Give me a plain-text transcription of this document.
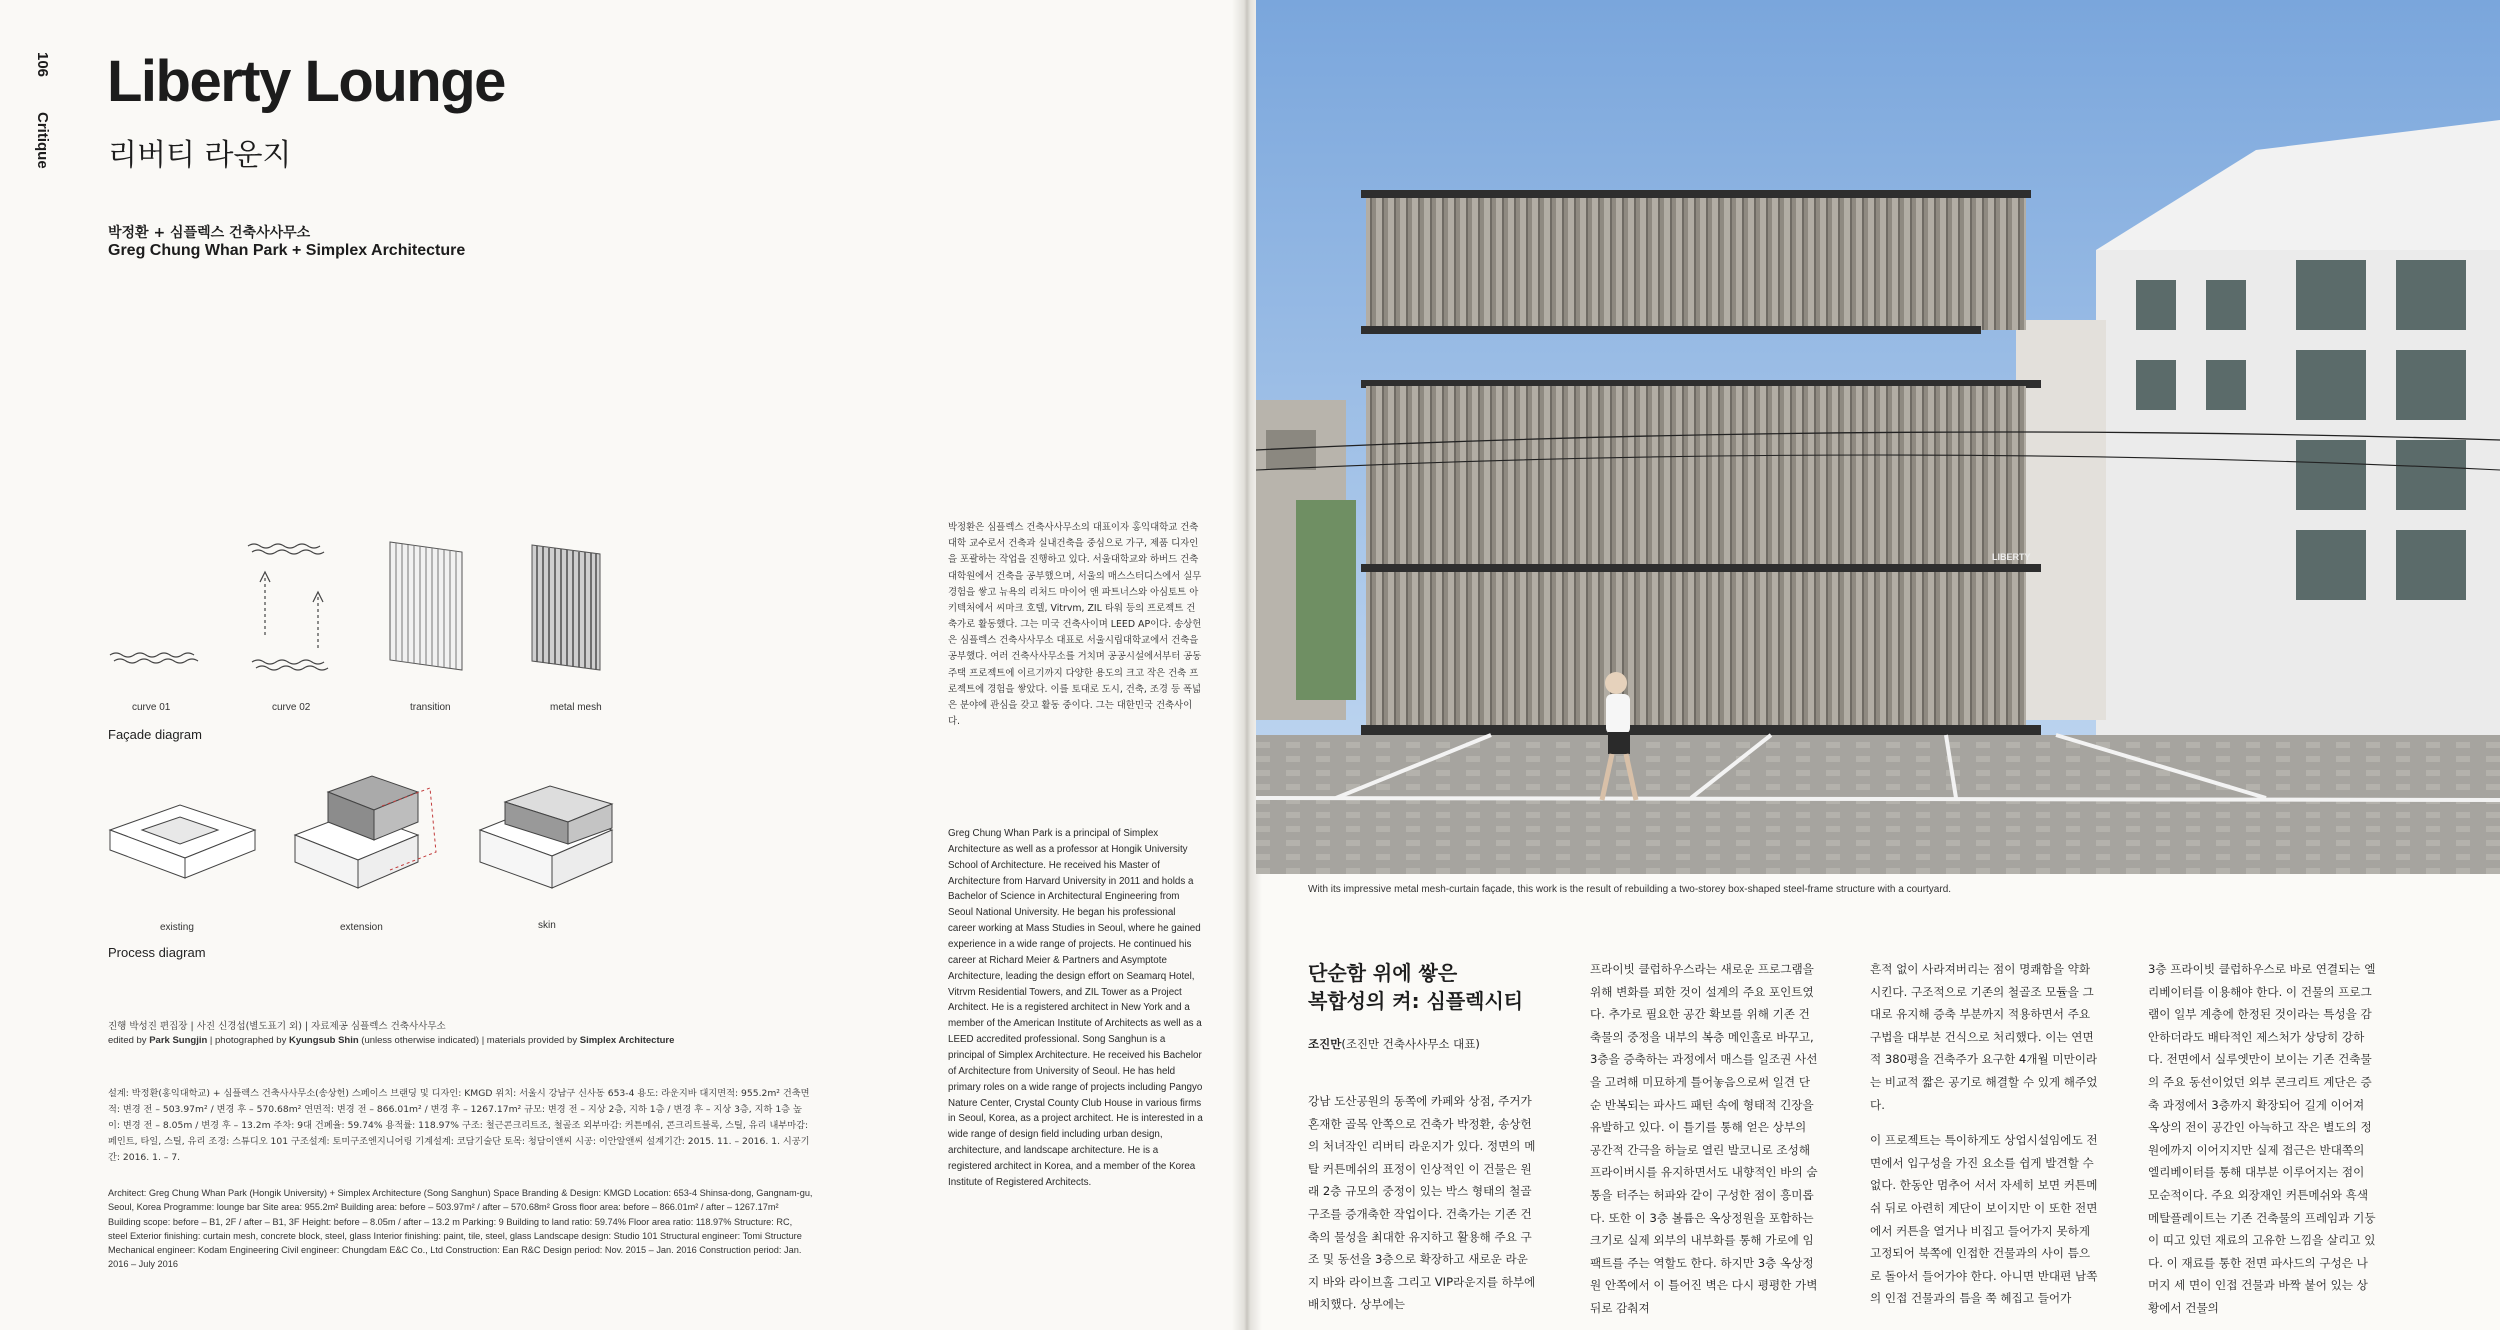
106
Critique
Liberty Lounge
리버티 라운지
박정환 + 심플렉스 건축사사무소
Greg Chung Whan Park + Simplex Architecture
curve 01	curve 02	transition	metal mesh
Façade diagram
existing	extension	skin
Process diagram
진행 박성진 편집장 | 사진 신경섭(별도표기 외) | 자료제공 심플렉스 건축사사무소
edited by Park Sungjin | photographed by Kyungsub Shin (unless otherwise indicated) | materials provided by Simplex Architecture
설계: 박정환(홍익대학교) + 심플렉스 건축사사무소(송상헌) 스페이스 브랜딩 및 디자인: KMGD 위치: 서울시 강남구 신사동 653-4 용도: 라운지바 대지면적: 955.2m² 건축면적: 변경 전 – 503.97m² / 변경 후 – 570.68m² 연면적: 변경 전 – 866.01m² / 변경 후 – 1267.17m² 규모: 변경 전 – 지상 2층, 지하 1층 / 변경 후 – 지상 3층, 지하 1층 높이: 변경 전 – 8.05m / 변경 후 – 13.2m 주차: 9대 건폐율: 59.74% 용적률: 118.97% 구조: 철근콘크리트조, 철골조 외부마감: 커튼메쉬, 콘크리트블록, 스틸, 유리 내부마감: 페인트, 타일, 스틸, 유리 조경: 스튜디오 101 구조설계: 토미구조엔지니어링 기계설계: 코담기술단 토목: 청담이앤씨 시공: 이안알앤씨 설계기간: 2015. 11. – 2016. 1. 시공기간: 2016. 1. – 7.
Architect: Greg Chung Whan Park (Hongik University) + Simplex Architecture (Song Sanghun) Space Branding & Design: KMGD Location: 653-4 Shinsa-dong, Gangnam-gu, Seoul, Korea Programme: lounge bar Site area: 955.2m² Building area: before – 503.97m² / after – 570.68m² Gross floor area: before – 866.01m² / after – 1267.17m² Building scope: before – B1, 2F / after – B1, 3F Height: before – 8.05m / after – 13.2 m Parking: 9 Building to land ratio: 59.74% Floor area ratio: 118.97% Structure: RC, steel Exterior finishing: curtain mesh, concrete block, steel, glass Interior finishing: paint, tile, steel, glass Landscape design: Studio 101 Structural engineer: Tomi Structure Mechanical engineer: Kodam Engineering Civil engineer: Chungdam E&C Co., Ltd Construction: Ean R&C Design period: Nov. 2015 – Jan. 2016 Construction period: Jan. 2016 – July 2016
박정환은 심플렉스 건축사사무소의 대표이자 홍익대학교 건축대학 교수로서 건축과 실내건축을 중심으로 가구, 제품 디자인을 포괄하는 작업을 진행하고 있다. 서울대학교와 하버드 건축대학원에서 건축을 공부했으며, 서울의 매스스터디스에서 실무 경험을 쌓고 뉴욕의 리처드 마이어 앤 파트너스와 아심토트 아키텍처에서 씨마크 호텔, Vitrvm, ZIL 타워 등의 프로젝트 건축가로 활동했다. 그는 미국 건축사이며 LEED AP이다. 송상헌은 심플렉스 건축사사무소 대표로 서울시립대학교에서 건축을 공부했다. 여러 건축사사무소를 거치며 공공시설에서부터 공동주택 프로젝트에 이르기까지 다양한 용도의 크고 작은 건축 프로젝트에 경험을 쌓았다. 이를 토대로 도시, 건축, 조경 등 폭넓은 분야에 관심을 갖고 활동 중이다. 그는 대한민국 건축사이다.
Greg Chung Whan Park is a principal of Simplex Architecture as well as a professor at Hongik University School of Architecture. He received his Master of Architecture from Harvard University in 2011 and holds a Bachelor of Science in Architectural Engineering from Seoul National University. He began his professional career working at Mass Studies in Seoul, where he gained experience in a wide range of projects. He continued his career at Richard Meier & Partners and Asymptote Architecture, leading the design effort on Seamarq Hotel, Vitrvm Residential Towers, and ZIL Tower as a Project Architect. He is a registered architect in New York and a member of the American Institute of Architects as well as a LEED accredited professional. Song Sanghun is a principal of Simplex Architecture. He received his Bachelor of Architecture from University of Seoul. He has held primary roles on a wide range of projects including Pangyo Nature Center, Crystal County Club House in various firms in Seoul, Korea, as a project architect. He is interested in a wide range of design field including urban design, architecture, and landscape architecture. He is a registered architect in Korea, and a member of the Korea Institute of Registered Architects.
LIBERTY
With its impressive metal mesh-curtain façade, this work is the result of rebuilding a two-storey box-shaped steel-frame structure with a courtyard.
단순함 위에 쌓은
복합성의 켜: 심플렉시티
조진만(조진만 건축사사무소 대표)

강남 도산공원의 동쪽에 카페와 상점, 주거가 혼재한 골목 안쪽으로 건축가 박정환, 송상헌의 처녀작인 리버티 라운지가 있다. 정면의 메탈 커튼메쉬의 표정이 인상적인 이 건물은 원래 2층 규모의 중정이 있는 박스 형태의 철골 구조를 증개축한 작업이다. 건축가는 기존 건축의 물성을 최대한 유지하고 활용해 주요 구조 및 동선을 3층으로 확장하고 새로운 라운지 바와 라이브홀 그리고 VIP라운지를 하부에 배치했다. 상부에는

프라이빗 클럽하우스라는 새로운 프로그램을 위해 변화를 꾀한 것이 설계의 주요 포인트였다. 추가로 필요한 공간 확보를 위해 기존 건축물의 중정을 내부의 복층 메인홀로 바꾸고, 3층을 증축하는 과정에서 매스를 일조권 사선을 고려해 미묘하게 틀어놓음으로써 일견 단순 반복되는 파사드 패턴 속에 형태적 긴장을 유발하고 있다. 이 틀기를 통해 얻은 상부의 공간적 간극을 하늘로 열린 발코니로 조성해 프라이버시를 유지하면서도 내향적인 바의 숨통을 터주는 허파와 같이 구성한 점이 흥미롭다. 또한 이 3층 볼륨은 옥상정원을 포함하는 크기로 실제 외부의 내부화를 통해 가로에 임팩트를 주는 역할도 한다. 하지만 3층 옥상정원 안쪽에서 이 틀어진 벽은 다시 평평한 가벽 뒤로 감춰져

흔적 없이 사라져버리는 점이 명쾌함을 약화시킨다. 구조적으로 기존의 철골조 모듈을 그대로 유지해 증축 부분까지 적용하면서 주요 구법을 대부분 건식으로 처리했다. 이는 연면적 380평을 건축주가 요구한 4개월 미만이라는 비교적 짧은 공기로 해결할 수 있게 해주었다.

이 프로젝트는 특이하게도 상업시설임에도 전면에서 입구성을 가진 요소를 쉽게 발견할 수 없다. 한동안 멈추어 서서 자세히 보면 커튼메쉬 뒤로 아련히 계단이 보이지만 이 또한 전면에서 커튼을 열거나 비집고 들어가지 못하게 고정되어 북쪽에 인접한 건물과의 사이 틈으로 돌아서 들어가야 한다. 아니면 반대편 남쪽의 인접 건물과의 틈을 쭉 헤집고 들어가

3층 프라이빗 클럽하우스로 바로 연결되는 엘리베이터를 이용해야 한다. 이 건물의 프로그램이 일부 계층에 한정된 것이라는 특성을 감안하더라도 배타적인 제스처가 상당히 강하다. 전면에서 실루엣만이 보이는 기존 건축물의 주요 동선이었던 외부 콘크리트 계단은 증축 과정에서 3층까지 확장되어 길게 이어져 옥상의 전이 공간인 아늑하고 작은 별도의 정원에까지 이어지지만 실제 접근은 반대쪽의 엘리베이터를 통해 대부분 이루어지는 점이 모순적이다. 주요 외장재인 커튼메쉬와 흑색 메탈플레이트는 기존 건축물의 프레임과 기둥이 띠고 있던 재료의 고유한 느낌을 살리고 있다. 이 재료를 통한 전면 파사드의 구성은 나머지 세 면이 인접 건물과 바짝 붙어 있는 상황에서 건물의
